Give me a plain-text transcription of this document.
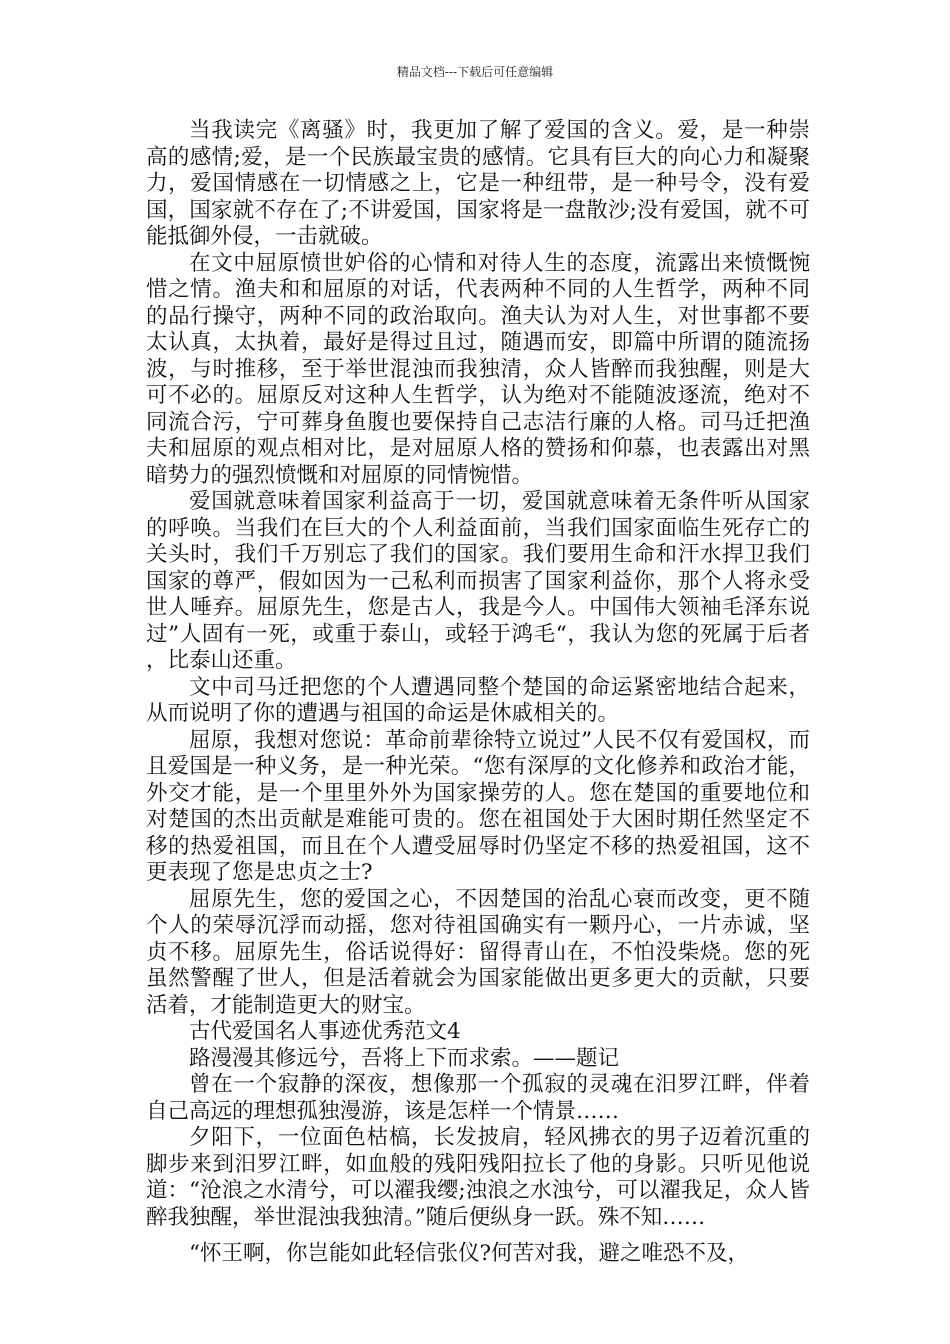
精品文档---下载后可任意编辑

当我读完《离骚》时，我更加了解了爱国的含义。爱，是一种崇高的感情;爱，是一个民族最宝贵的感情。它具有巨大的向心力和凝聚力，爱国情感在一切情感之上，它是一种纽带，是一种号令，没有爱国，国家就不存在了;不讲爱国，国家将是一盘散沙;没有爱国，就不可能抵御外侵，一击就破。

在文中屈原愤世妒俗的心情和对待人生的态度，流露出来愤慨惋惜之情。渔夫和和屈原的对话，代表两种不同的人生哲学，两种不同的品行操守，两种不同的政治取向。渔夫认为对人生，对世事都不要太认真，太执着，最好是得过且过，随遇而安，即篇中所谓的随流扬波，与时推移，至于举世混浊而我独清，众人皆醉而我独醒，则是大可不必的。屈原反对这种人生哲学，认为绝对不能随波逐流，绝对不同流合污，宁可葬身鱼腹也要保持自己志洁行廉的人格。司马迁把渔夫和屈原的观点相对比，是对屈原人格的赞扬和仰慕，也表露出对黑暗势力的强烈愤慨和对屈原的同情惋惜。

爱国就意味着国家利益高于一切，爱国就意味着无条件听从国家的呼唤。当我们在巨大的个人利益面前，当我们国家面临生死存亡的关头时，我们千万别忘了我们的国家。我们要用生命和汗水捍卫我们国家的尊严，假如因为一己私利而损害了国家利益你，那个人将永受世人唾弃。屈原先生，您是古人，我是今人。中国伟大领袖毛泽东说过”人固有一死，或重于泰山，或轻于鸿毛“，我认为您的死属于后者，比泰山还重。

文中司马迁把您的个人遭遇同整个楚国的命运紧密地结合起来，从而说明了你的遭遇与祖国的命运是休戚相关的。

屈原，我想对您说：革命前辈徐特立说过”人民不仅有爱国权，而且爱国是一种义务，是一种光荣。“您有深厚的文化修养和政治才能，外交才能，是一个里里外外为国家操劳的人。您在楚国的重要地位和对楚国的杰出贡献是难能可贵的。您在祖国处于大困时期任然坚定不移的热爱祖国，而且在个人遭受屈辱时仍坚定不移的热爱祖国，这不更表现了您是忠贞之士?

屈原先生，您的爱国之心，不因楚国的治乱心衰而改变，更不随个人的荣辱沉浮而动摇，您对待祖国确实有一颗丹心，一片赤诚，坚贞不移。屈原先生，俗话说得好：留得青山在，不怕没柴烧。您的死虽然警醒了世人，但是活着就会为国家能做出更多更大的贡献，只要活着，才能制造更大的财宝。

古代爱国名人事迹优秀范文4

路漫漫其修远兮，吾将上下而求索。——题记

曾在一个寂静的深夜，想像那一个孤寂的灵魂在汨罗江畔，伴着自己高远的理想孤独漫游，该是怎样一个情景……

夕阳下，一位面色枯槁，长发披肩，轻风拂衣的男子迈着沉重的脚步来到汨罗江畔，如血般的残阳残阳拉长了他的身影。只听见他说道：“沧浪之水清兮，可以濯我缨;浊浪之水浊兮，可以濯我足，众人皆醉我独醒，举世混浊我独清。”随后便纵身一跃。殊不知……

“怀王啊，你岂能如此轻信张仪?何苦对我，避之唯恐不及，
